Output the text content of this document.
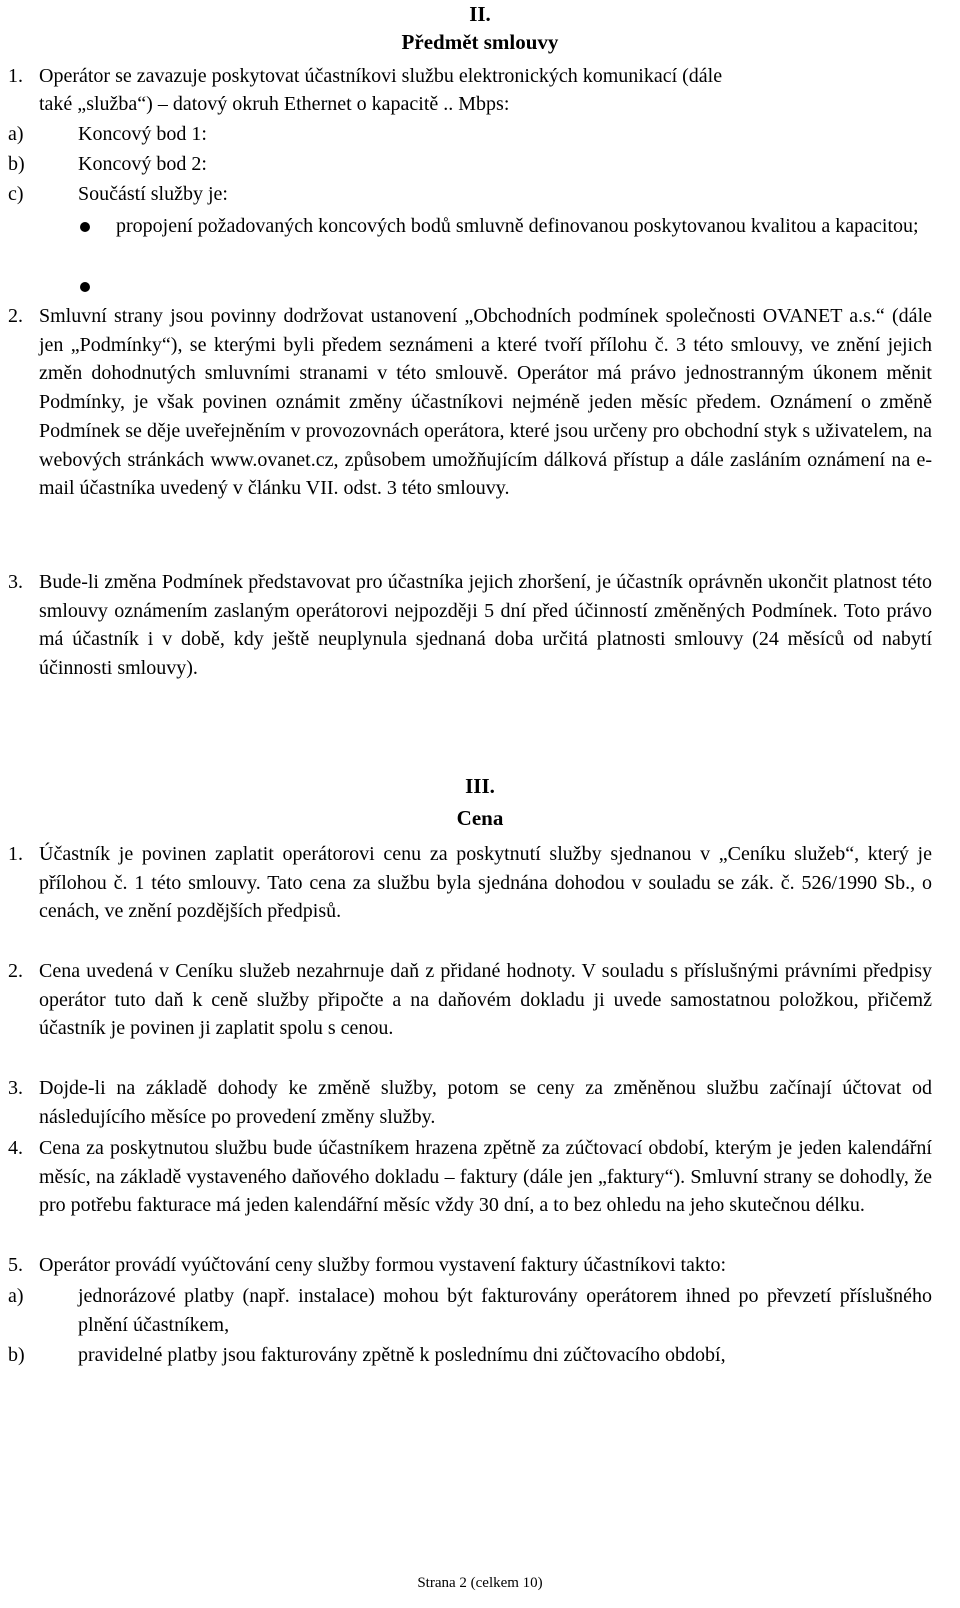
II.
Předmět smlouvy
1. Operátor se zavazuje poskytovat účastníkovi službu elektronických komunikací (dále
také „služba“) – datový okruh Ethernet o kapacitě .. Mbps:
a)	Koncový bod 1:
b)	Koncový bod 2:
c)	Součástí služby je:
propojení požadovaných koncových bodů smluvně definovanou poskytovanou kvalitou a kapacitou;
2. Smluvní strany jsou povinny dodržovat ustanovení „Obchodních podmínek společnosti OVANET a.s.“ (dále jen „Podmínky“), se kterými byli předem seznámeni a které tvoří přílohu č. 3 této smlouvy, ve znění jejich změn dohodnutých smluvními stranami v této smlouvě. Operátor má právo jednostranným úkonem měnit Podmínky, je však povinen oznámit změny účastníkovi nejméně jeden měsíc předem. Oznámení o změně Podmínek se děje uveřejněním v provozovnách operátora, které jsou určeny pro obchodní styk s uživatelem, na webových stránkách www.ovanet.cz, způsobem umožňujícím dálková přístup a dále zasláním oznámení na e-mail účastníka uvedený v článku VII. odst. 3 této smlouvy.
3. Bude-li změna Podmínek představovat pro účastníka jejich zhoršení, je účastník oprávněn ukončit platnost této smlouvy oznámením zaslaným operátorovi nejpozději 5 dní před účinností změněných Podmínek. Toto právo má účastník i v době, kdy ještě neuplynula sjednaná doba určitá platnosti smlouvy (24 měsíců od nabytí účinnosti smlouvy).
III.
Cena
1. Účastník je povinen zaplatit operátorovi cenu za poskytnutí služby sjednanou v „Ceníku služeb“, který je přílohou č. 1 této smlouvy. Tato cena za službu byla sjednána dohodou v souladu se zák. č. 526/1990 Sb., o cenách, ve znění pozdějších předpisů.
2. Cena uvedená v Ceníku služeb nezahrnuje daň z přidané hodnoty. V souladu s příslušnými právními předpisy operátor tuto daň k ceně služby připočte a na daňovém dokladu ji uvede samostatnou položkou, přičemž účastník je povinen ji zaplatit spolu s cenou.
3. Dojde-li na základě dohody ke změně služby, potom se ceny za změněnou službu začínají účtovat od následujícího měsíce po provedení změny služby.
4. Cena za poskytnutou službu bude účastníkem hrazena zpětně za zúčtovací období, kterým je jeden kalendářní měsíc, na základě vystaveného daňového dokladu – faktury (dále jen „faktury“). Smluvní strany se dohodly, že pro potřebu fakturace má jeden kalendářní měsíc vždy 30 dní, a to bez ohledu na jeho skutečnou délku.
5. Operátor provádí vyúčtování ceny služby formou vystavení faktury účastníkovi takto:
a)	jednorázové platby (např. instalace) mohou být fakturovány operátorem ihned po převzetí příslušného plnění účastníkem,
b)	pravidelné platby jsou fakturovány zpětně k poslednímu dni zúčtovacího období,
Strana 2 (celkem 10)
